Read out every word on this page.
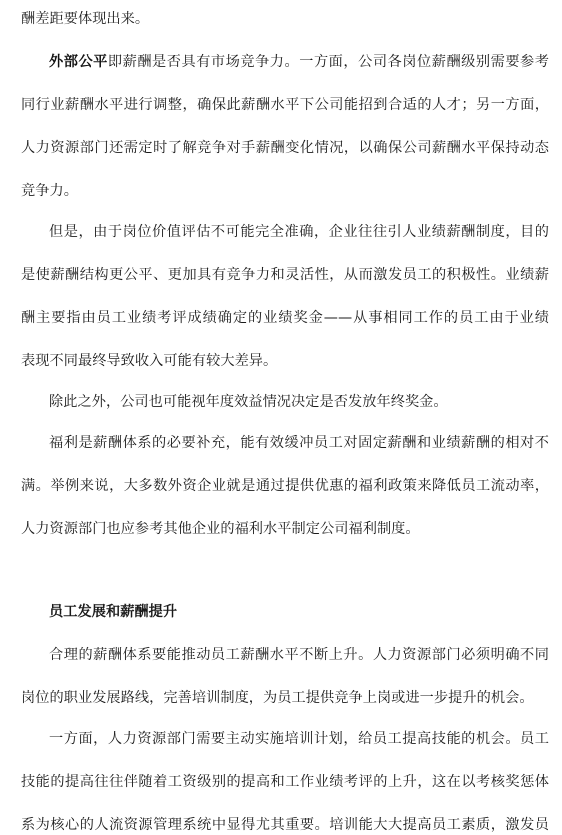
酬差距要体现出来。
外部公平即薪酬是否具有市场竞争力。一方面，公司各岗位薪酬级别需要参考
同行业薪酬水平进行调整，确保此薪酬水平下公司能招到合适的人才；另一方面，
人力资源部门还需定时了解竞争对手薪酬变化情况，以确保公司薪酬水平保持动态
竞争力。
但是，由于岗位价值评估不可能完全准确，企业往往引人业绩薪酬制度，目的
是使薪酬结构更公平、更加具有竞争力和灵活性，从而激发员工的积极性。业绩薪
酬主要指由员工业绩考评成绩确定的业绩奖金——从事相同工作的员工由于业绩
表现不同最终导致收入可能有较大差异。
除此之外，公司也可能视年度效益情况决定是否发放年终奖金。
福利是薪酬体系的必要补充，能有效缓冲员工对固定薪酬和业绩薪酬的相对不
满。举例来说，大多数外资企业就是通过提供优惠的福利政策来降低员工流动率，
人力资源部门也应参考其他企业的福利水平制定公司福利制度。
员工发展和薪酬提升
合理的薪酬体系要能推动员工薪酬水平不断上升。人力资源部门必须明确不同
岗位的职业发展路线，完善培训制度，为员工提供竞争上岗或进一步提升的机会。
一方面，人力资源部门需要主动实施培训计划，给员工提高技能的机会。员工
技能的提高往往伴随着工资级别的提高和工作业绩考评的上升，这在以考核奖惩体
系为核心的人流资源管理系统中显得尤其重要。培训能大大提高员工素质，激发员
